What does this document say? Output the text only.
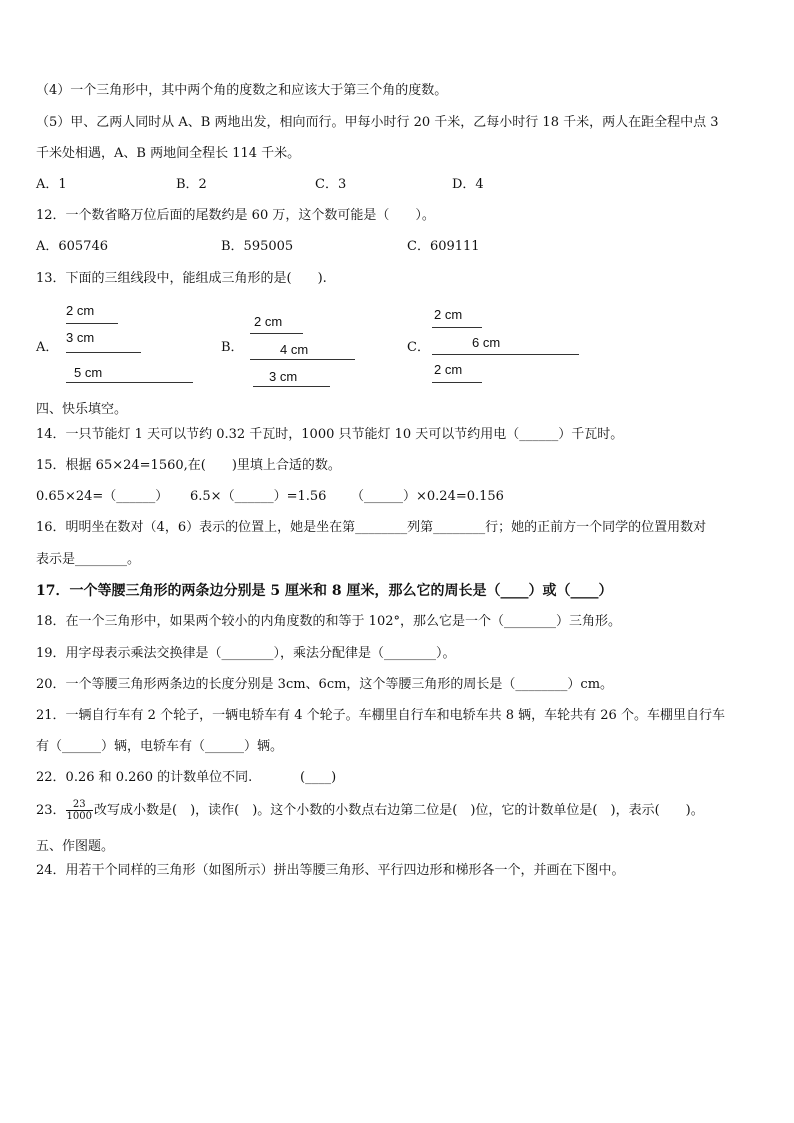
（4）一个三角形中，其中两个角的度数之和应该大于第三个角的度数。
（5）甲、乙两人同时从 A、B 两地出发，相向而行。甲每小时行 20 千米，乙每小时行 18 千米，两人在距全程中点 3
千米处相遇，A、B 两地间全程长 114 千米。
A．1	B．2	C．3	D．4
12．一个数省略万位后面的尾数约是 60 万，这个数可能是（　　）。
A．605746	B．595005	C．609111
13．下面的三组线段中，能组成三角形的是(　　).
A．
2 cm
3 cm
5 cm
B．
2 cm
4 cm
3 cm
C．
2 cm
6 cm
2 cm
四、快乐填空。
14．一只节能灯 1 天可以节约 0.32 千瓦时，1000 只节能灯 10 天可以节约用电（______）千瓦时。
15．根据 65×24=1560,在(　　)里填上合适的数。
0.65×24=（______） 6.5×（______）=1.56 （______）×0.24=0.156
16．明明坐在数对（4，6）表示的位置上，她是坐在第________列第________行；她的正前方一个同学的位置用数对
表示是________。
17．一个等腰三角形的两条边分别是 5 厘米和 8 厘米，那么它的周长是（____）或（____）
18．在一个三角形中，如果两个较小的内角度数的和等于 102°，那么它是一个（________）三角形。
19．用字母表示乘法交换律是（________），乘法分配律是（________）。
20．一个等腰三角形两条边的长度分别是 3cm、6cm，这个等腰三角形的周长是（________）cm。
21．一辆自行车有 2 个轮子，一辆电轿车有 4 个轮子。车棚里自行车和电轿车共 8 辆，车轮共有 26 个。车棚里自行车
有（______）辆，电轿车有（______）辆。
22．0.26 和 0.260 的计数单位不同.	(____)
23． $\frac{23}{1000}$ 改写成小数是(　)，读作(　)。这个小数的小数点右边第二位是(　)位，它的计数单位是(　)，表示(　　)。
五、作图题。
24．用若干个同样的三角形（如图所示）拼出等腰三角形、平行四边形和梯形各一个，并画在下图中。
